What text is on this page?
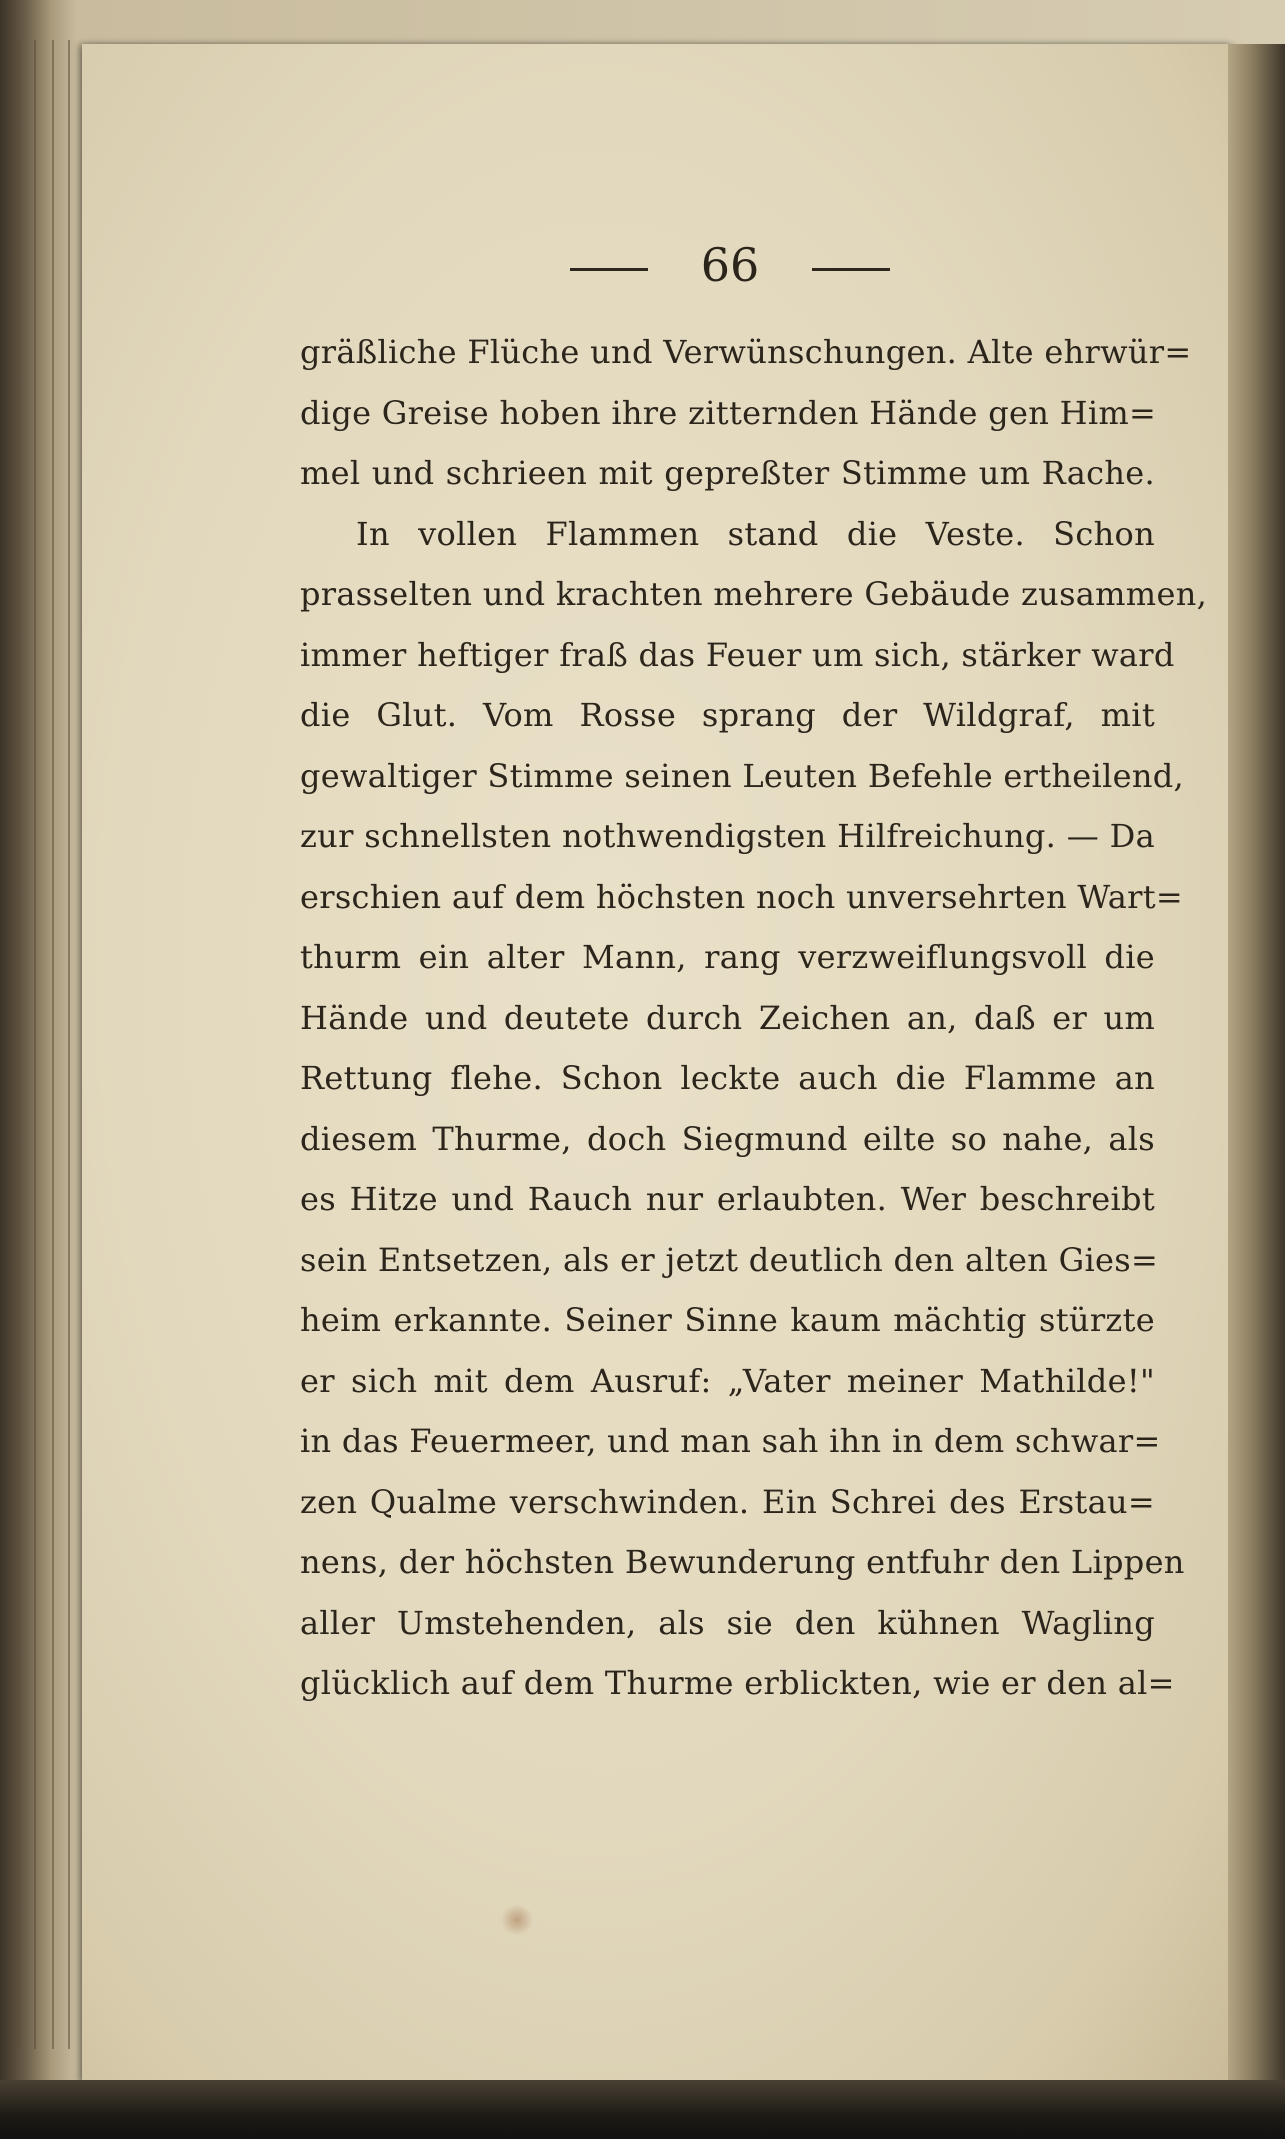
66
gräßliche Flüche und Verwünschungen. Alte ehrwür=
dige Greise hoben ihre zitternden Hände gen Him=
mel und schrieen mit gepreßter Stimme um Rache.
In vollen Flammen stand die Veste. Schon
prasselten und krachten mehrere Gebäude zusammen,
immer heftiger fraß das Feuer um sich, stärker ward
die Glut. Vom Rosse sprang der Wildgraf, mit
gewaltiger Stimme seinen Leuten Befehle ertheilend,
zur schnellsten nothwendigsten Hilfreichung. — Da
erschien auf dem höchsten noch unversehrten Wart=
thurm ein alter Mann, rang verzweiflungsvoll die
Hände und deutete durch Zeichen an, daß er um
Rettung flehe. Schon leckte auch die Flamme an
diesem Thurme, doch Siegmund eilte so nahe, als
es Hitze und Rauch nur erlaubten. Wer beschreibt
sein Entsetzen, als er jetzt deutlich den alten Gies=
heim erkannte. Seiner Sinne kaum mächtig stürzte
er sich mit dem Ausruf: „Vater meiner Mathilde!"
in das Feuermeer, und man sah ihn in dem schwar=
zen Qualme verschwinden. Ein Schrei des Erstau=
nens, der höchsten Bewunderung entfuhr den Lippen
aller Umstehenden, als sie den kühnen Wagling
glücklich auf dem Thurme erblickten, wie er den al=
